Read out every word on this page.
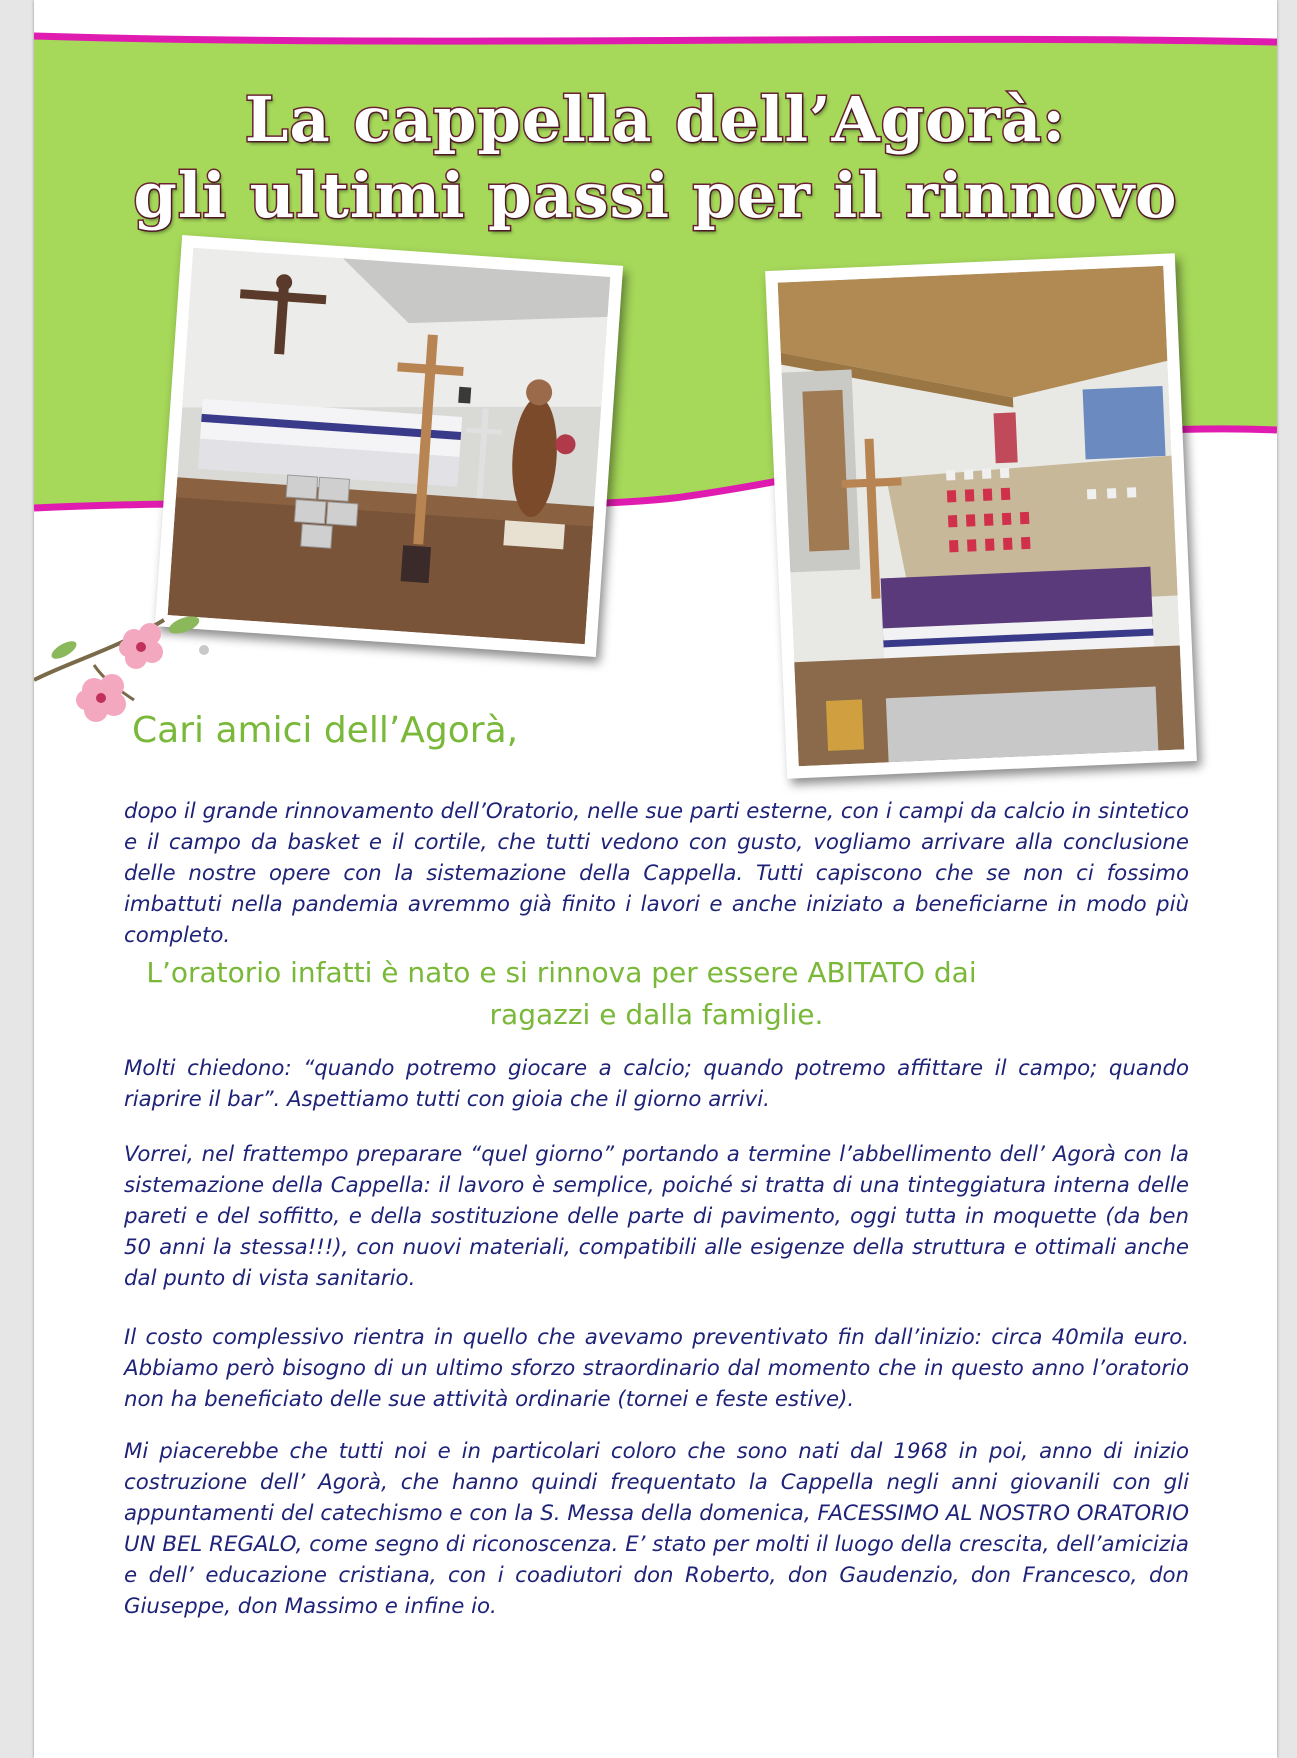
La cappella dell’Agorà:
gli ultimi passi per il rinnovo
Cari amici dell’Agorà,

dopo il grande rinnovamento dell’Oratorio, nelle sue parti esterne, con i campi da calcio in sintetico e il campo da basket e il cortile, che tutti vedono con gusto, vogliamo arrivare alla conclusione delle nostre opere con la sistemazione della Cappella. Tutti capiscono che se non ci fossimo imbattuti nella pandemia avremmo già finito i lavori e anche iniziato a beneficiarne in modo più completo.

L’oratorio infatti è nato e si rinnova per essere ABITATO dai
ragazzi e dalla famiglie.

Molti chiedono: “quando potremo giocare a calcio; quando potremo affittare il campo; quando riaprire il bar”. Aspettiamo tutti con gioia che il giorno arrivi.

Vorrei, nel frattempo preparare “quel giorno” portando a termine l’abbellimento dell’ Agorà con la sistemazione della Cappella: il lavoro è semplice, poiché si tratta di una tinteggiatura interna delle pareti e del soffitto, e della sostituzione delle parte di pavimento, oggi tutta in moquette (da ben 50 anni la stessa!!!), con nuovi materiali, compatibili alle esigenze della struttura e ottimali anche dal punto di vista sanitario.

Il costo complessivo rientra in quello che avevamo preventivato fin dall’inizio: circa 40mila euro. Abbiamo però bisogno di un ultimo sforzo straordinario dal momento che in questo anno l’oratorio non ha beneficiato delle sue attività ordinarie (tornei e feste estive).

Mi piacerebbe che tutti noi e in particolari coloro che sono nati dal 1968 in poi, anno di inizio costruzione dell’ Agorà, che hanno quindi frequentato la Cappella negli anni giovanili con gli appuntamenti del catechismo e con la S. Messa della domenica, FACESSIMO AL NOSTRO ORATORIO UN BEL REGALO, come segno di riconoscenza. E’ stato per molti il luogo della crescita, dell’amicizia e dell’ educazione cristiana, con i coadiutori don Roberto, don Gaudenzio, don Francesco, don Giuseppe, don Massimo e infine io.
